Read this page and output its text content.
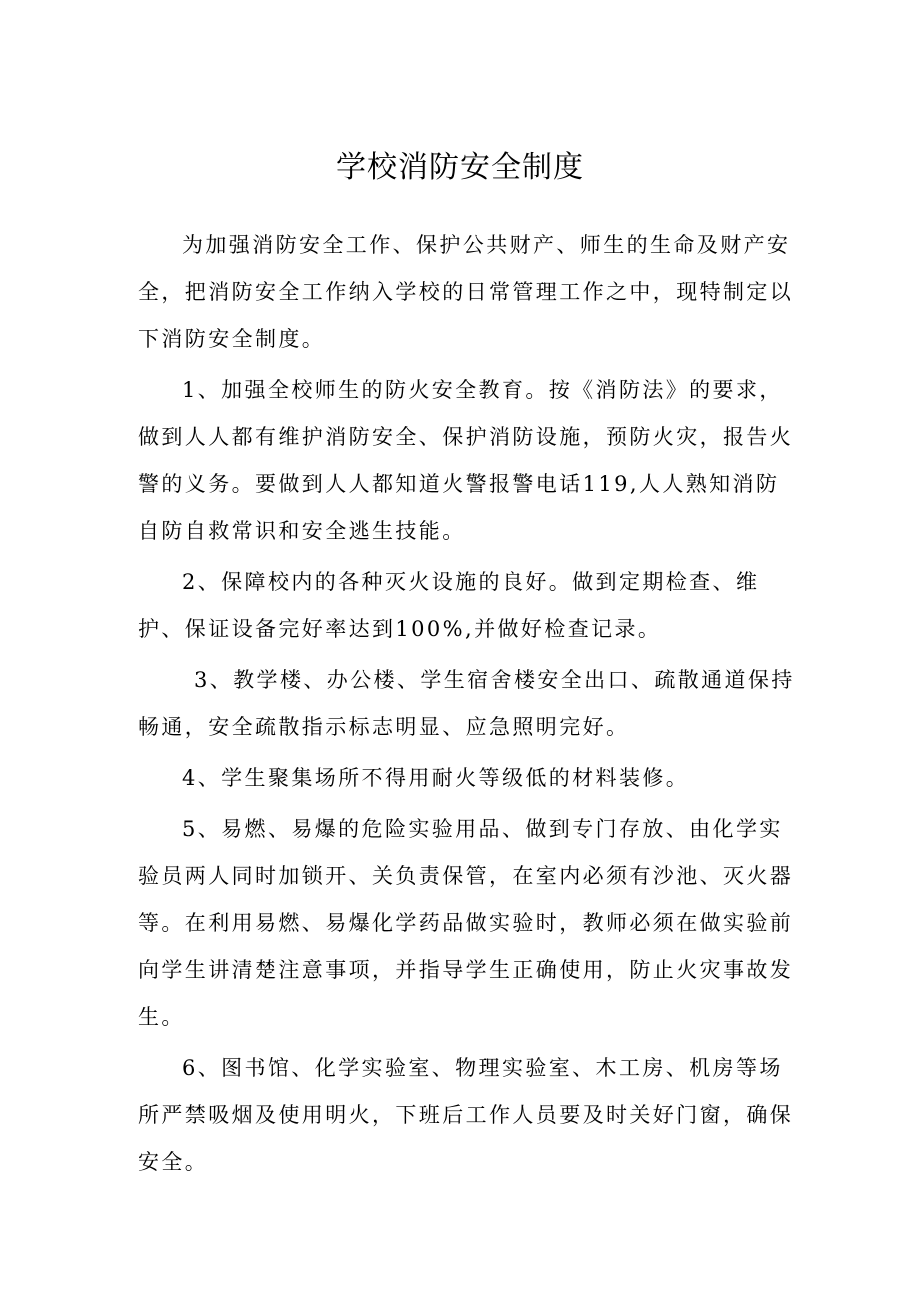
学校消防安全制度

为加强消防安全工作、保护公共财产、师生的生命及财产安全，把消防安全工作纳入学校的日常管理工作之中，现特制定以下消防安全制度。

1、加强全校师生的防火安全教育。按《消防法》的要求，做到人人都有维护消防安全、保护消防设施，预防火灾，报告火警的义务。要做到人人都知道火警报警电话119,人人熟知消防自防自救常识和安全逃生技能。

2、保障校内的各种灭火设施的良好。做到定期检查、维护、保证设备完好率达到100%,并做好检查记录。

3、教学楼、办公楼、学生宿舍楼安全出口、疏散通道保持畅通，安全疏散指示标志明显、应急照明完好。

4、学生聚集场所不得用耐火等级低的材料装修。

5、易燃、易爆的危险实验用品、做到专门存放、由化学实验员两人同时加锁开、关负责保管，在室内必须有沙池、灭火器等。在利用易燃、易爆化学药品做实验时，教师必须在做实验前向学生讲清楚注意事项，并指导学生正确使用，防止火灾事故发生。

6、图书馆、化学实验室、物理实验室、木工房、机房等场所严禁吸烟及使用明火，下班后工作人员要及时关好门窗，确保安全。
